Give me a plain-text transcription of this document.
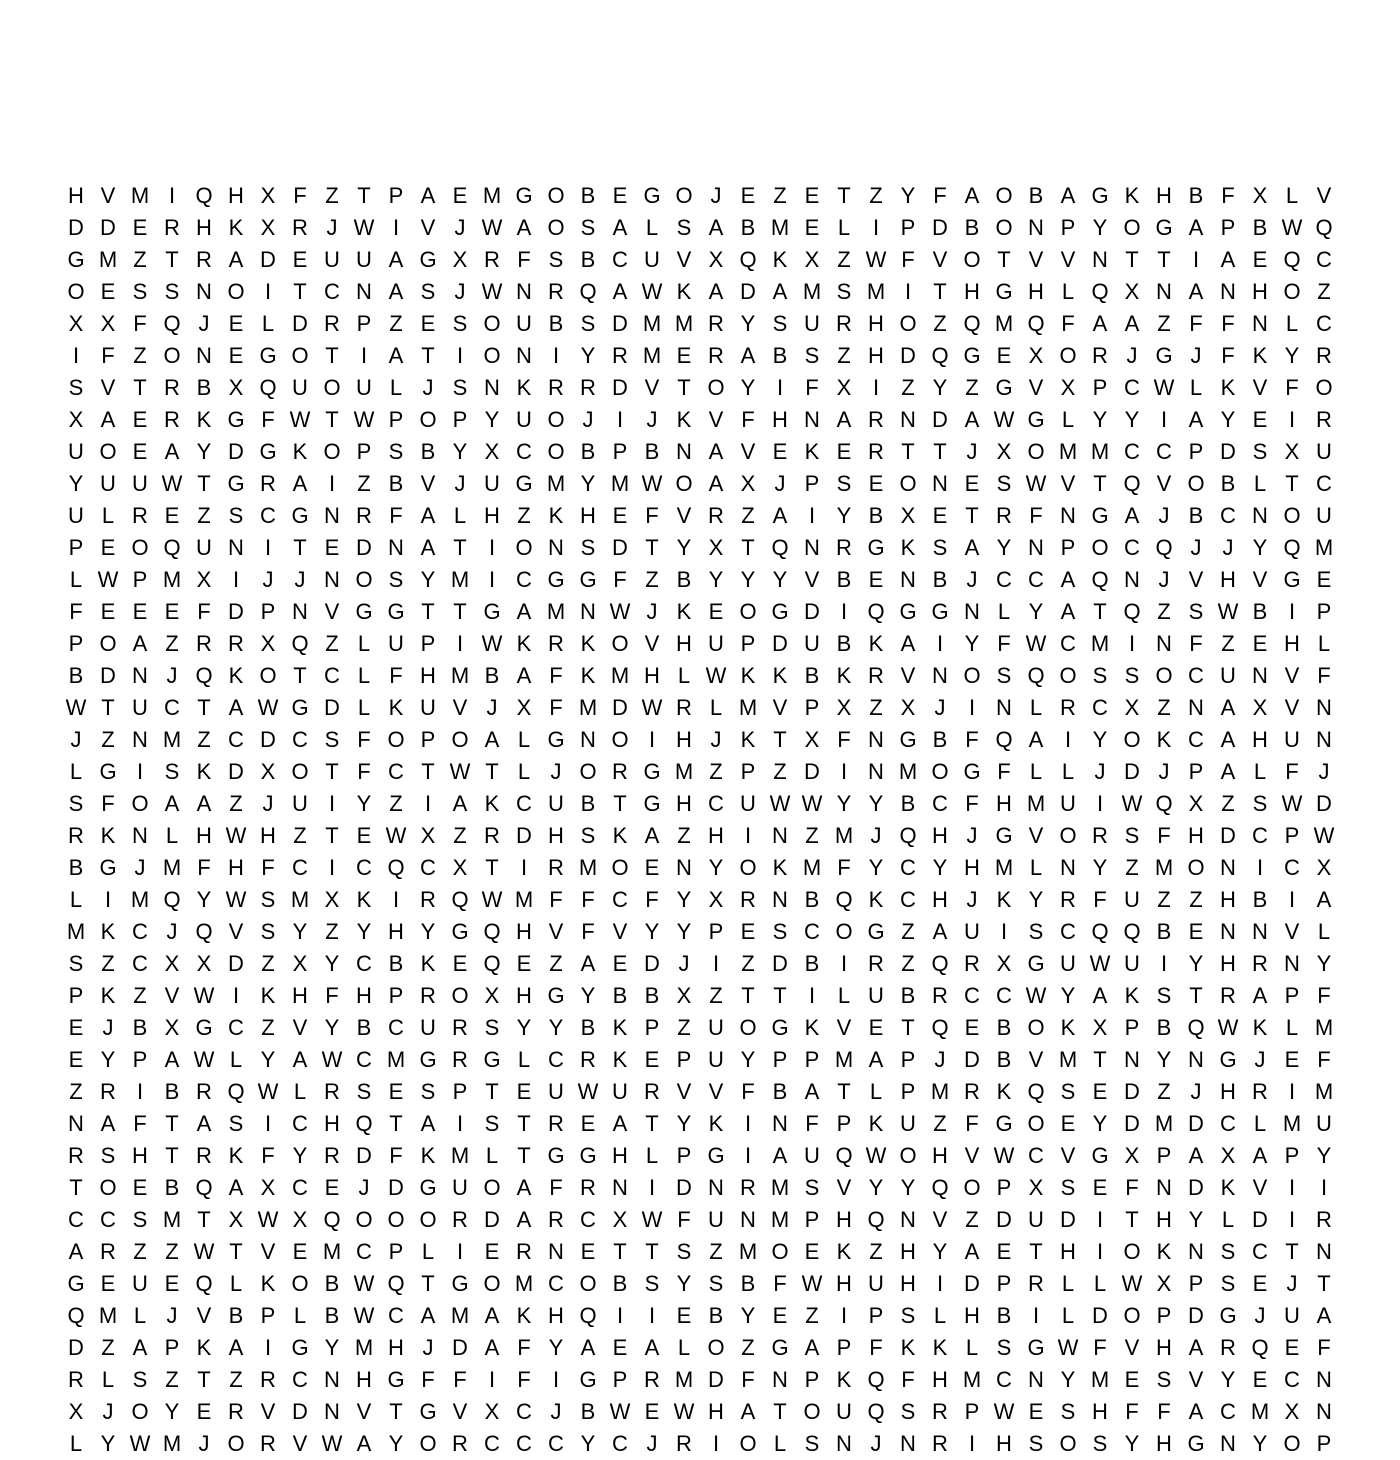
H V M I Q H X F Z T P A E M G O B E G O J E Z E T Z Y F A O B A G K H B F X L V
D D E R H K X R J W I V J W A O S A L S A B M E L	I P D B O N P Y O G A P B W Q
G M Z T R A D E U U A G X R F S B C U V X Q K X Z W F V O T V V N T T	I A E Q C
O E S S N O I	T C N A S J W N R Q A W K A D A M S M I	T H G H L Q X N A N H O Z
X X F Q J E L D R P Z E S O U B S D M M R Y S U R H O Z Q M Q F A A Z F F N L C
I	F Z O N E G O T	I A T	I O N I Y R M E R A B S Z H D Q G E X O R J G J F K Y R
S V T R B X Q U O U L J S N K R R D V T O Y I	F X I	Z Y Z G V X P C W L K V F O
X A E R K G F W T W P O P Y U O J	I	J K V F H N A R N D A W G L Y Y I A Y E I R
U O E A Y D G K O P S B Y X C O B P B N A V E K E R T T J X O M M C C P D S X U
Y U U W T G R A I	Z B V J U G M Y M W O A X J P S E O N E S W V T Q V O B L T C
U L R E Z S C G N R F A L H Z K H E F V R Z A I Y B X E T R F N G A J B C N O U
P E O Q U N I	T E D N A T	I O N S D T Y X T Q N R G K S A Y N P O C Q J J Y Q M
L W P M X I	J J N O S Y M I C G G F Z B Y Y Y V B E N B J C C A Q N J V H V G E
F E E E F D P N V G G T T G A M N W J K E O G D I Q G G N L Y A T Q Z S W B I P
P O A Z R R X Q Z L U P I W K R K O V H U P D U B K A I Y F W C M I N F Z E H L
B D N J Q K O T C L F H M B A F K M H L W K K B K R V N O S Q O S S O C U N V F
W T U C T A W G D L K U V J X F M D W R L M V P X Z X J	I N L R C X Z N A X V N
J Z N M Z C D C S F O P O A L G N O I H J K T X F N G B F Q A I Y O K C A H U N
L G I S K D X O T F C T W T L J O R G M Z P Z D I N M O G F L L J D J P A L F J
S F O A A Z J U I Y Z	I A K C U B T G H C U W W Y Y B C F H M U I W Q X Z S W D
R K N L H W H Z T E W X Z R D H S K A Z H I N Z M J Q H J G V O R S F H D C P W
B G J M F H F C I C Q C X T	I R M O E N Y O K M F Y C Y H M L N Y Z M O N I C X
L	I M Q Y W S M X K I R Q W M F F C F Y X R N B Q K C H J K Y R F U Z Z H B I A
M K C J Q V S Y Z Y H Y G Q H V F V Y Y P E S C O G Z A U I S C Q Q B E N N V L
S Z C X X D Z X Y C B K E Q E Z A E D J	I	Z D B I R Z Q R X G U W U I Y H R N Y
P K Z V W I K H F H P R O X H G Y B B X Z T T	I	L U B R C C W Y A K S T R A P F
E J B X G C Z V Y B C U R S Y Y B K P Z U O G K V E T Q E B O K X P B Q W K L M
E Y P A W L Y A W C M G R G L C R K E P U Y P P M A P J D B V M T N Y N G J E F
Z R I B R Q W L R S E S P T E U W U R V V F B A T L P M R K Q S E D Z J H R I M
N A F T A S I C H Q T A I S T R E A T Y K I N F P K U Z F G O E Y D M D C L M U
R S H T R K F Y R D F K M L T G G H L P G I A U Q W O H V W C V G X P A X A P Y
T O E B Q A X C E J D G U O A F R N I D N R M S V Y Y Q O P X S E F N D K V I	I
C C S M T X W X Q O O O R D A R C X W F U N M P H Q N V Z D U D I	T H Y L D I R
A R Z Z W T V E M C P L	I E R N E T T S Z M O E K Z H Y A E T H I O K N S C T N
G E U E Q L K O B W Q T G O M C O B S Y S B F W H U H I D P R L L W X P S E J T
Q M L J V B P L B W C A M A K H Q I	I E B Y E Z	I P S L H B I	L D O P D G J U A
D Z A P K A I G Y M H J D A F Y A E A L O Z G A P F K K L S G W F V H A R Q E F
R L S Z T Z R C N H G F F	I	F	I G P R M D F N P K Q F H M C N Y M E S V Y E C N
X J O Y E R V D N V T G V X C J B W E W H A T O U Q S R P W E S H F F A C M X N
L Y W M J O R V W A Y O R C C C Y C J R I O L S N J N R I H S O S Y H G N Y O P
